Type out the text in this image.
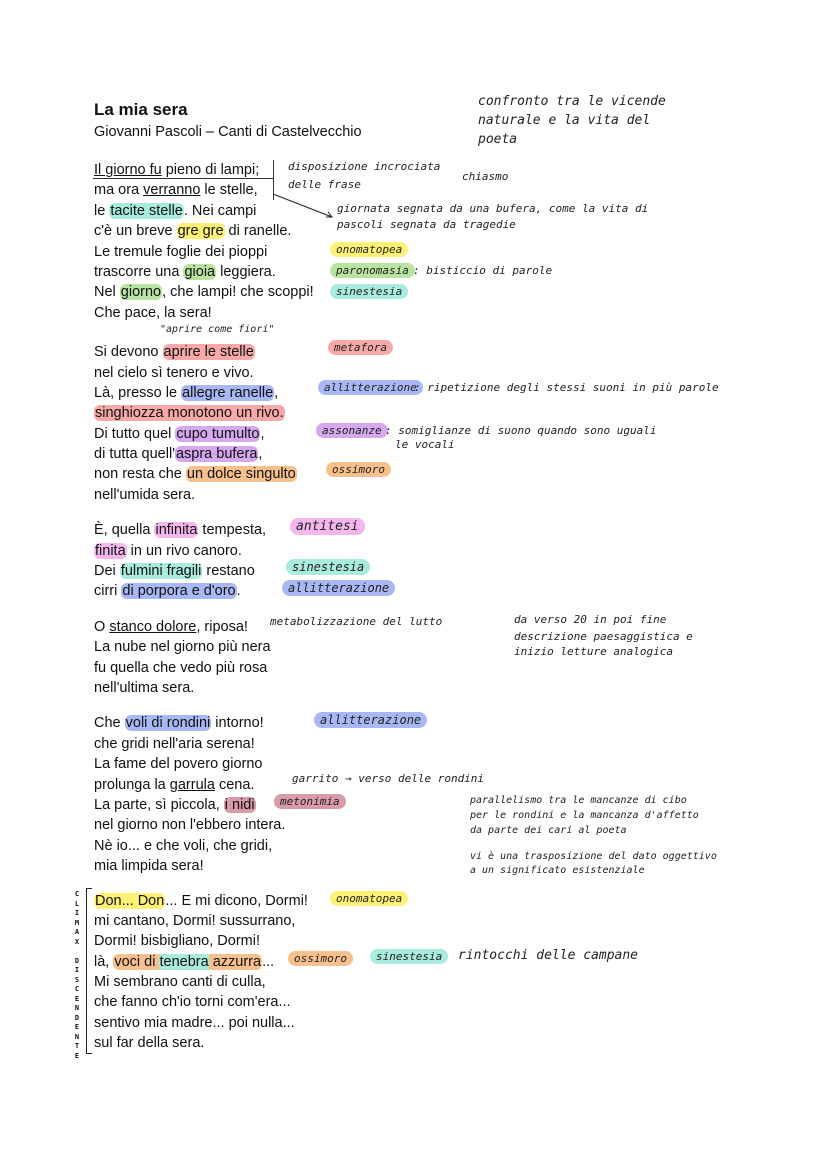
La mia sera
Giovanni Pascoli – Canti di Castelvecchio
confronto tra le vicende
naturale e la vita del
poeta
Il giorno fu pieno di lampi;
ma ora verranno le stelle,
le tacite stelle. Nei campi
c'è un breve gre gre di ranelle.
Le tremule foglie dei pioppi
trascorre una gioia leggiera.
Nel giorno, che lampi! che scoppi!
Che pace, la sera!
Si devono aprire le stelle
nel cielo sì tenero e vivo.
Là, presso le allegre ranelle,
singhiozza monotono un rivo.
Di tutto quel cupo tumulto,
di tutta quell'aspra bufera,
non resta che un dolce singulto
nell'umida sera.
È, quella infinita tempesta,
finita in un rivo canoro.
Dei fulmini fragili restano
cirri di porpora e d'oro.
O stanco dolore, riposa!
La nube nel giorno più nera
fu quella che vedo più rosa
nell'ultima sera.
Che voli di rondini intorno!
che gridi nell'aria serena!
La fame del povero giorno
prolunga la garrula cena.
La parte, sì piccola, i nidi
nel giorno non l'ebbero intera.
Nè io... e che voli, che gridi,
mia limpida sera!
Don... Don... E mi dicono, Dormi!
mi cantano, Dormi! sussurrano,
Dormi! bisbigliano, Dormi!
là, voci di tenebra azzurra...
Mi sembrano canti di culla,
che fanno ch'io torni com'era...
sentivo mia madre... poi nulla...
sul far della sera.
disposizione incrociata
delle frase
chiasmo
giornata segnata da una bufera, come la vita di
pascoli segnata da tragedie
onomatopea
paronomasia : bisticcio di parole
sinestesia
"aprire come fiori"
metafora
allitterazione
: ripetizione degli stessi suoni in più parole
assonanze : somiglianze di suono quando sono uguali
le vocali
ossimoro
antitesi
sinestesia
allitterazione
metabolizzazione del lutto	da verso 20 in poi fine
descrizione paesaggistica e
inizio letture analogica
allitterazione
garrito → verso delle rondini
metonimia	parallelismo tra le mancanze di cibo
per le rondini e la mancanza d'affetto
da parte dei cari al poeta
vi è una trasposizione del dato oggettivo
a un significato esistenziale
onomatopea
ossimoro	sinestesia	rintocchi delle campane
C
L
I
M
A
X

D
I
S
C
E
N
D
E
N
T
E
